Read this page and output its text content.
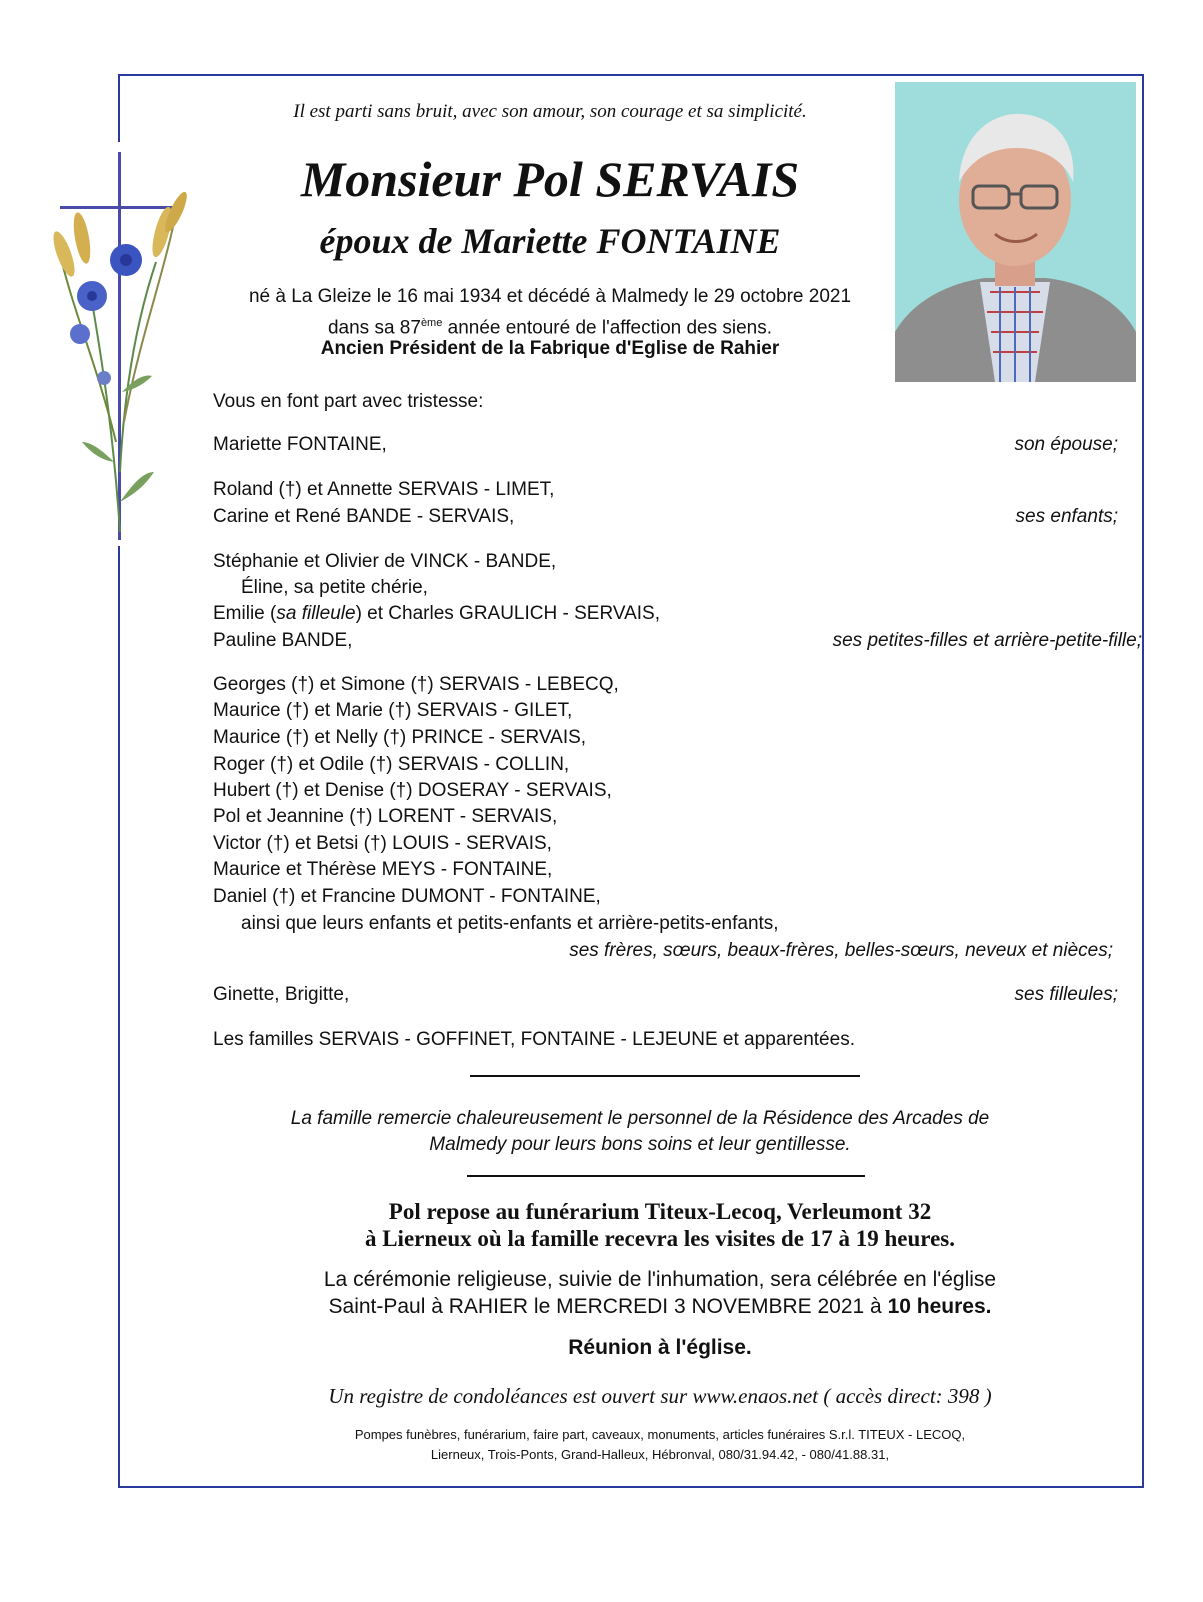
Il est parti sans bruit, avec son amour, son courage et sa simplicité.
Monsieur Pol SERVAIS
époux de Mariette FONTAINE
né à La Gleize le 16 mai 1934 et décédé à Malmedy le 29 octobre 2021
dans sa 87ème année entouré de l'affection des siens.
Ancien Président de la Fabrique d'Eglise de Rahier
Vous en font part avec tristesse:
Mariette FONTAINE,	son épouse;
Roland (†) et Annette SERVAIS - LIMET,
Carine et René BANDE - SERVAIS,	ses enfants;
Stéphanie et Olivier de VINCK - BANDE,
Éline, sa petite chérie,
Emilie (sa filleule) et Charles GRAULICH - SERVAIS,
Pauline BANDE,	ses petites-filles et arrière-petite-fille;
Georges (†) et Simone (†) SERVAIS - LEBECQ,
Maurice (†) et Marie (†) SERVAIS - GILET,
Maurice (†) et Nelly (†) PRINCE - SERVAIS,
Roger (†) et Odile (†) SERVAIS - COLLIN,
Hubert (†) et Denise (†) DOSERAY - SERVAIS,
Pol et Jeannine (†) LORENT - SERVAIS,
Victor (†) et Betsi (†) LOUIS - SERVAIS,
Maurice et Thérèse MEYS - FONTAINE,
Daniel (†) et Francine DUMONT - FONTAINE,
ainsi que leurs enfants et petits-enfants et arrière-petits-enfants,
ses frères, sœurs, beaux-frères, belles-sœurs, neveux et nièces;
Ginette, Brigitte,	ses filleules;
Les familles SERVAIS - GOFFINET, FONTAINE - LEJEUNE et apparentées.
La famille remercie chaleureusement le personnel de la Résidence des Arcades de Malmedy pour leurs bons soins et leur gentillesse.
Pol repose au funérarium Titeux-Lecoq, Verleumont 32
à Lierneux où la famille recevra les visites de 17 à 19 heures.
La cérémonie religieuse, suivie de l'inhumation, sera célébrée en l'église
Saint-Paul à RAHIER le MERCREDI 3 NOVEMBRE 2021 à 10 heures.
Réunion à l'église.
Un registre de condoléances est ouvert sur www.enaos.net ( accès direct: 398 )
Pompes funèbres, funérarium, faire part, caveaux, monuments, articles funéraires S.r.l. TITEUX - LECOQ,
Lierneux, Trois-Ponts, Grand-Halleux, Hébronval, 080/31.94.42, - 080/41.88.31,
